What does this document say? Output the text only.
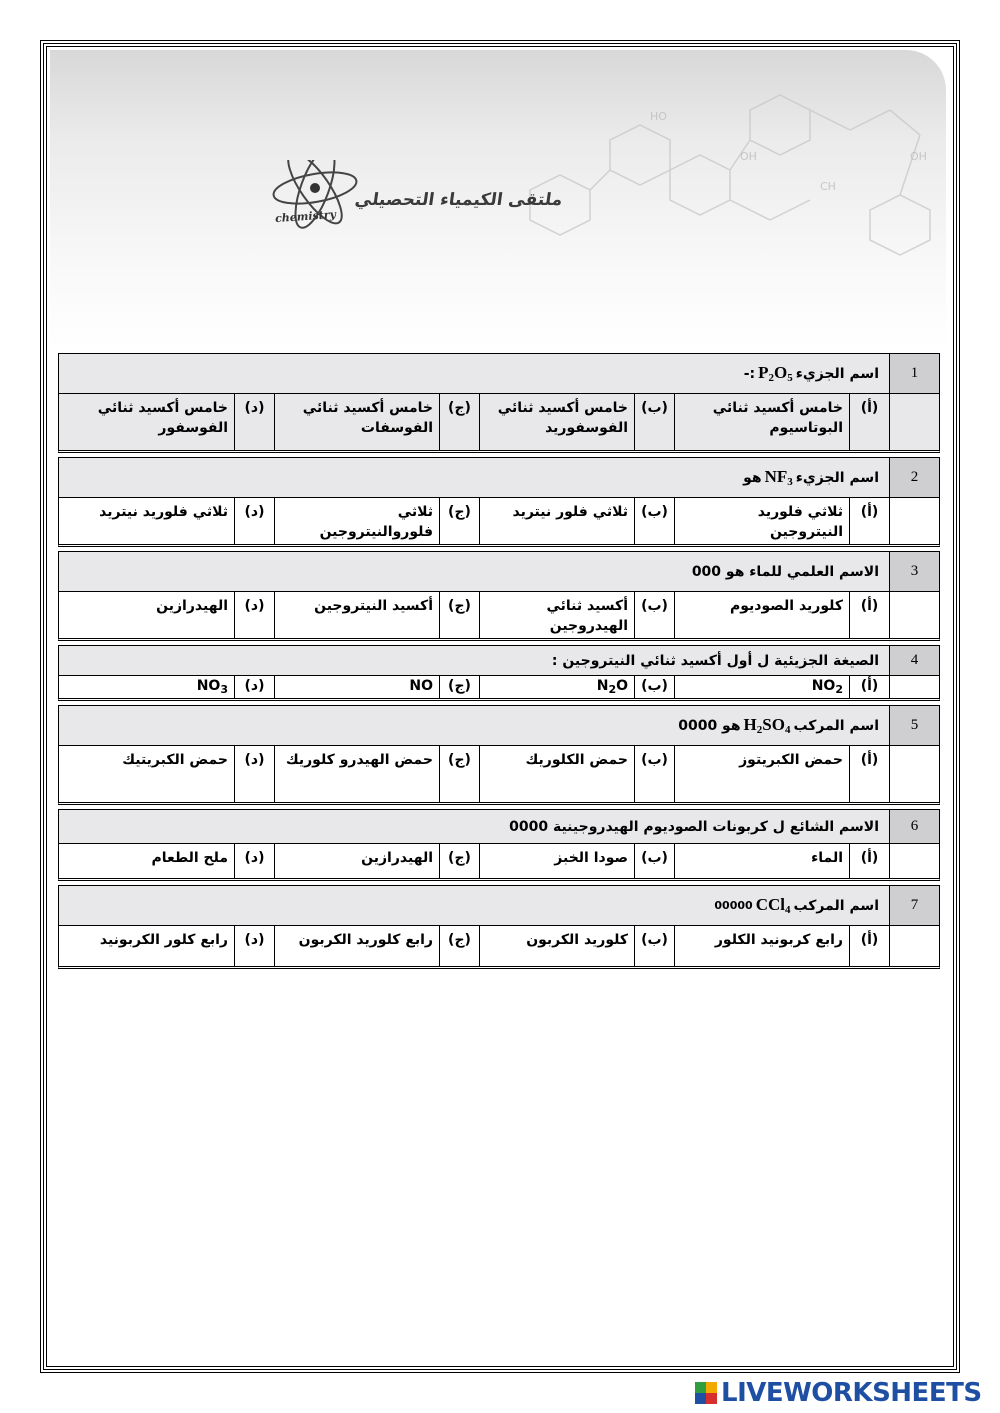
OH	OH
CH
HO
ملتقى الكيمياء التحصيلي
chemistry
1
اسم الجزيء
$P_2O_5$
:-
(أ)
خامس أكسيد ثنائي البوتاسيوم
(ب)
خامس أكسيد ثنائي الفوسفوريد
(ج)
خامس أكسيد ثنائي الفوسفات
(د)
خامس أكسيد ثنائي الفوسفور
2
اسم الجزيء
$NF_3$
هو
(أ)
ثلاثي فلوريد النيتروجين
(ب)
ثلاثي فلور نيتريد
(ج)
ثلاثي فلوروالنيتروجين
(د)
ثلاثي فلوريد نيتريد
3
الاسم العلمي للماء هو 000
(أ)
كلوريد الصوديوم
(ب)
أكسيد ثنائي الهيدروجين
(ج)
أكسيد النيتروجين
(د)
الهيدرازين
4
الصيغة الجزيئية ل أول أكسيد ثنائي النيتروجين :
(أ)
$NO_2$
(ب)
$N_2O$
(ج)
NO
(د)
$NO_3$
5
اسم المركب
$H_2SO_4$
هو 0000
(أ)
حمض الكبريتوز
(ب)
حمض الكلوريك
(ج)
حمض الهيدرو كلوريك
(د)
حمض الكبريتيك
6
الاسم الشائع ل كربونات الصوديوم الهيدروجينية 0000
(أ)
الماء
(ب)
صودا الخبز
(ج)
الهيدرازين
(د)
ملح الطعام
7
اسم المركب
CCl$_4$
00000
(أ)
رابع كربونيد الكلور
(ب)
كلوريد الكربون
(ج)
رابع كلوريد الكربون
(د)
رابع كلور الكربونيد
LIVEWORKSHEETS
